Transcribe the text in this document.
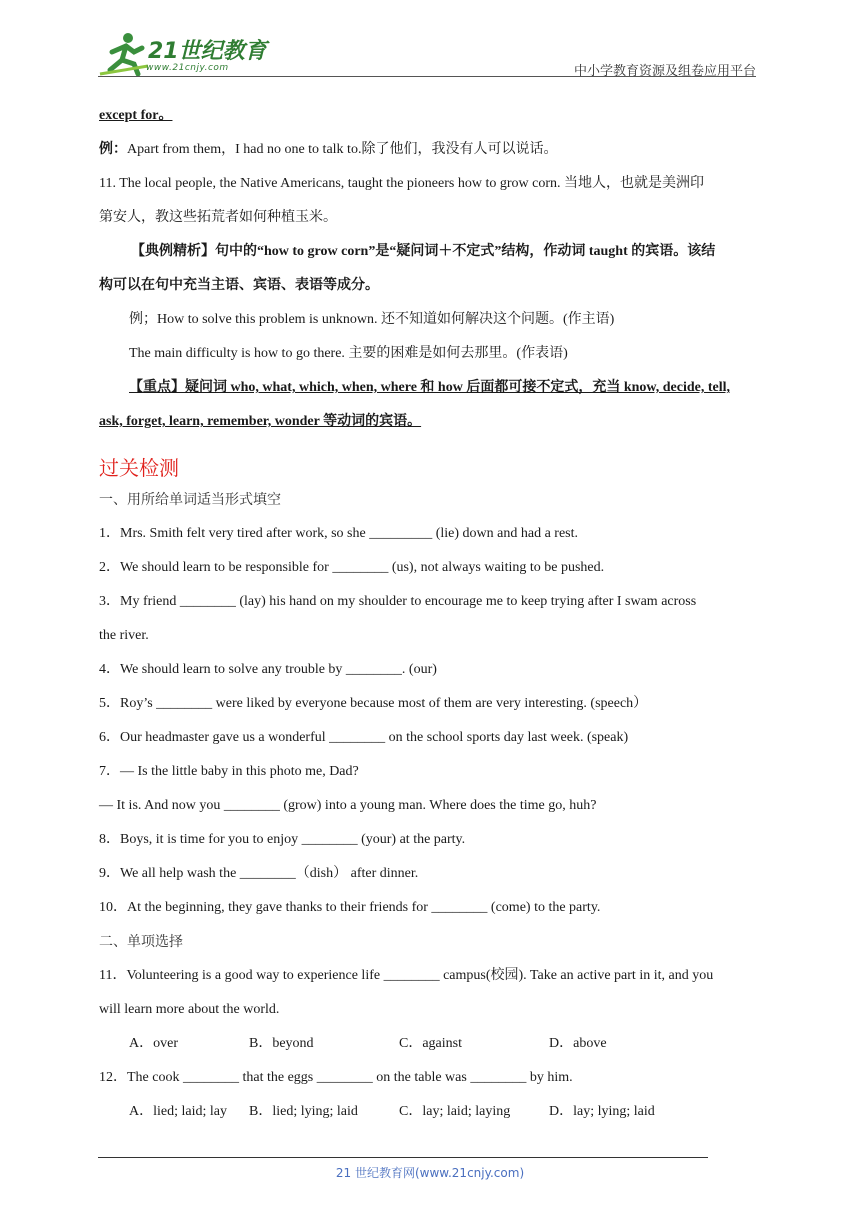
21世纪教育
www.21cnjy.com	中小学教育资源及组卷应用平台
except for。
例：Apart from them，I had no one to talk to.除了他们，我没有人可以说话。
11. The local people, the Native Americans, taught the pioneers how to grow corn. 当地人，也就是美洲印
第安人，教这些拓荒者如何种植玉米。
【典例精析】句中的“how to grow corn”是“疑问词＋不定式”结构，作动词 taught 的宾语。该结
构可以在句中充当主语、宾语、表语等成分。
例；How to solve this problem is unknown. 还不知道如何解决这个问题。(作主语)
The main difficulty is how to go there. 主要的困难是如何去那里。(作表语)
【重点】疑问词 who, what, which, when, where 和 how 后面都可接不定式，充当 know, decide, tell,
ask, forget, learn, remember, wonder 等动词的宾语。
过关检测
一、用所给单词适当形式填空
1．Mrs. Smith felt very tired after work, so she _________ (lie) down and had a rest.
2．We should learn to be responsible for ________ (us), not always waiting to be pushed.
3．My friend ________ (lay) his hand on my shoulder to encourage me to keep trying after I swam across
the river.
4．We should learn to solve any trouble by ________. (our)
5．Roy’s ________ were liked by everyone because most of them are very interesting. (speech）
6．Our headmaster gave us a wonderful ________ on the school sports day last week. (speak)
7．— Is the little baby in this photo me, Dad?
— It is. And now you ________ (grow) into a young man. Where does the time go, huh?
8．Boys, it is time for you to enjoy ________ (your) at the party.
9．We all help wash the ________（dish） after dinner.
10．At the beginning, they gave thanks to their friends for ________ (come) to the party.
二、单项选择
11．Volunteering is a good way to experience life ________ campus(校园). Take an active part in it, and you
will learn more about the world.
A．over	B．beyond	C．against	D．above
12．The cook ________ that the eggs ________ on the table was ________ by him.
A．lied; laid; lay B．lied; lying; laid	C．lay; laid; laying	D．lay; lying; laid
21 世纪教育网(www.21cnjy.com)
